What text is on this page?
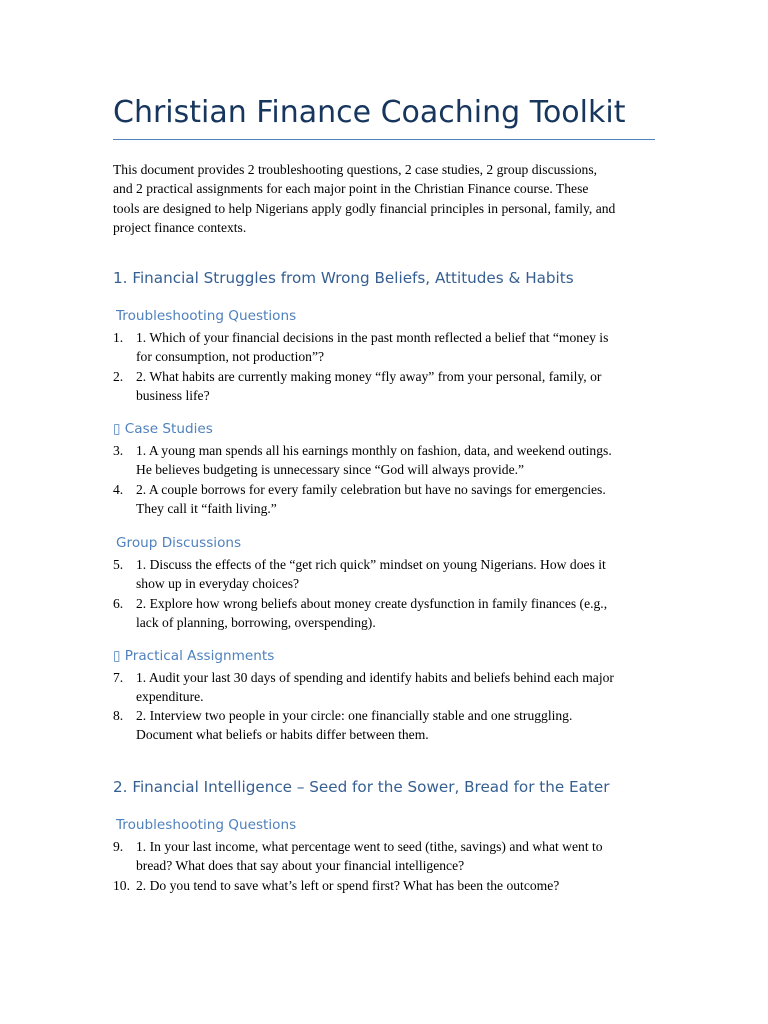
Christian Finance Coaching Toolkit

This document provides 2 troubleshooting questions, 2 case studies, 2 group discussions,
and 2 practical assignments for each major point in the Christian Finance course. These
tools are designed to help Nigerians apply godly financial principles in personal, family, and
project finance contexts.

1. Financial Struggles from Wrong Beliefs, Attitudes & Habits
Troubleshooting Questions
1. 1. Which of your financial decisions in the past month reflected a belief that “money is
for consumption, not production”?
2. 2. What habits are currently making money “fly away” from your personal, family, or
business life?
▯ Case Studies
3. 1. A young man spends all his earnings monthly on fashion, data, and weekend outings.
He believes budgeting is unnecessary since “God will always provide.”
4. 2. A couple borrows for every family celebration but have no savings for emergencies.
They call it “faith living.”
Group Discussions
5. 1. Discuss the effects of the “get rich quick” mindset on young Nigerians. How does it
show up in everyday choices?
6. 2. Explore how wrong beliefs about money create dysfunction in family finances (e.g.,
lack of planning, borrowing, overspending).
▯ Practical Assignments
7. 1. Audit your last 30 days of spending and identify habits and beliefs behind each major
expenditure.
8. 2. Interview two people in your circle: one financially stable and one struggling.
Document what beliefs or habits differ between them.
2. Financial Intelligence – Seed for the Sower, Bread for the Eater
Troubleshooting Questions
9. 1. In your last income, what percentage went to seed (tithe, savings) and what went to
bread? What does that say about your financial intelligence?
10. 2. Do you tend to save what’s left or spend first? What has been the outcome?
